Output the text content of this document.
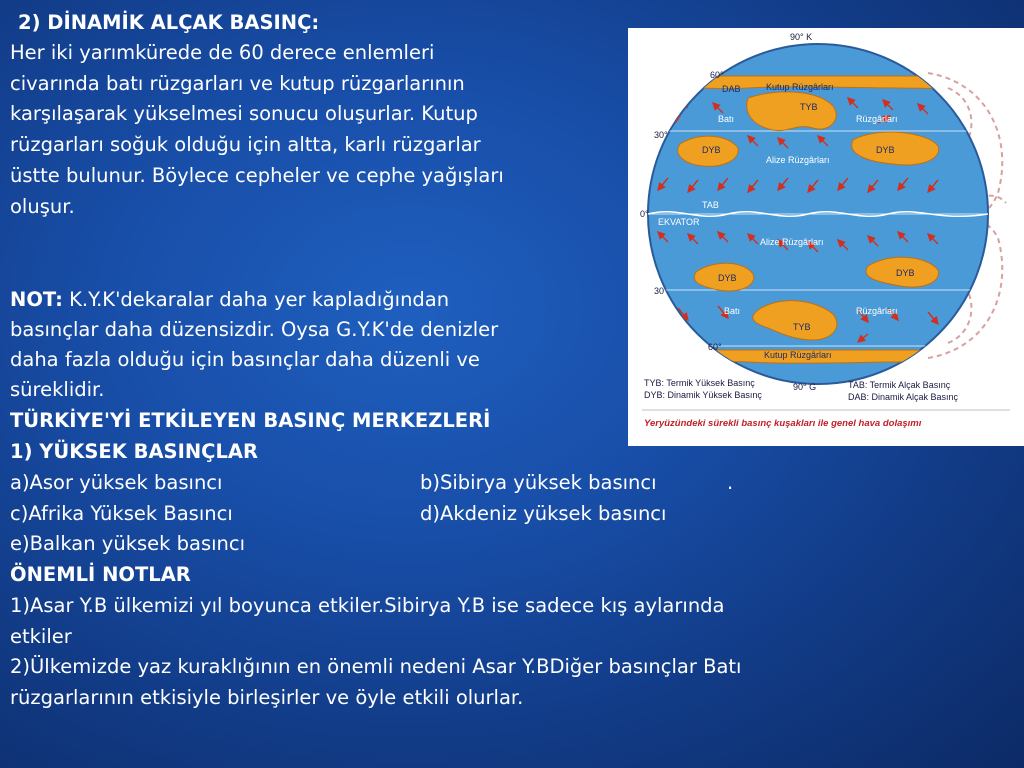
2) DİNAMİK ALÇAK BASINÇ:
Her iki yarımkürede de 60 derece enlemleri
civarında batı rüzgarları ve kutup rüzgarlarının
karşılaşarak yükselmesi sonucu oluşurlar. Kutup
rüzgarları soğuk olduğu için altta, karlı rüzgarlar
üstte bulunur. Böylece cepheler ve cephe yağışları
oluşur.
NOT: K.Y.K'dekaralar daha yer kapladığından
basınçlar daha düzensizdir. Oysa G.Y.K'de denizler
daha fazla olduğu için basınçlar daha düzenli ve
süreklidir.
TÜRKİYE'Yİ ETKİLEYEN BASINÇ MERKEZLERİ
1) YÜKSEK BASINÇLAR
a)Asor yüksek basıncı	b)Sibirya yüksek basıncı	.
c)Afrika Yüksek Basıncı	d)Akdeniz yüksek basıncı
e)Balkan yüksek basıncı
ÖNEMLİ NOTLAR
1)Asar Y.B ülkemizi yıl boyunca etkiler.Sibirya Y.B ise sadece kış aylarında
etkiler
2)Ülkemizde yaz kuraklığının en önemli nedeni Asar Y.BDiğer basınçlar Batı
rüzgarlarının etkisiyle birleşirler ve öyle etkili olurlar.
90° K
60°
30°
0°
30
60°
90° G
DAB	Kutup Rüzgârları
TYB
Batı	Rüzgârları
DYB	DYB
Alize Rüzgârları
TAB
EKVATOR
Alize Rüzgârları
DYB	DYB
Batı	Rüzgârları
TYB
Kutup Rüzgârları
TYB: Termik Yüksek Basınç
DYB: Dinamik Yüksek Basınç
TAB: Termik Alçak Basınç
DAB: Dinamik Alçak Basınç
Yeryüzündeki sürekli basınç kuşakları ile genel hava dolaşımı
